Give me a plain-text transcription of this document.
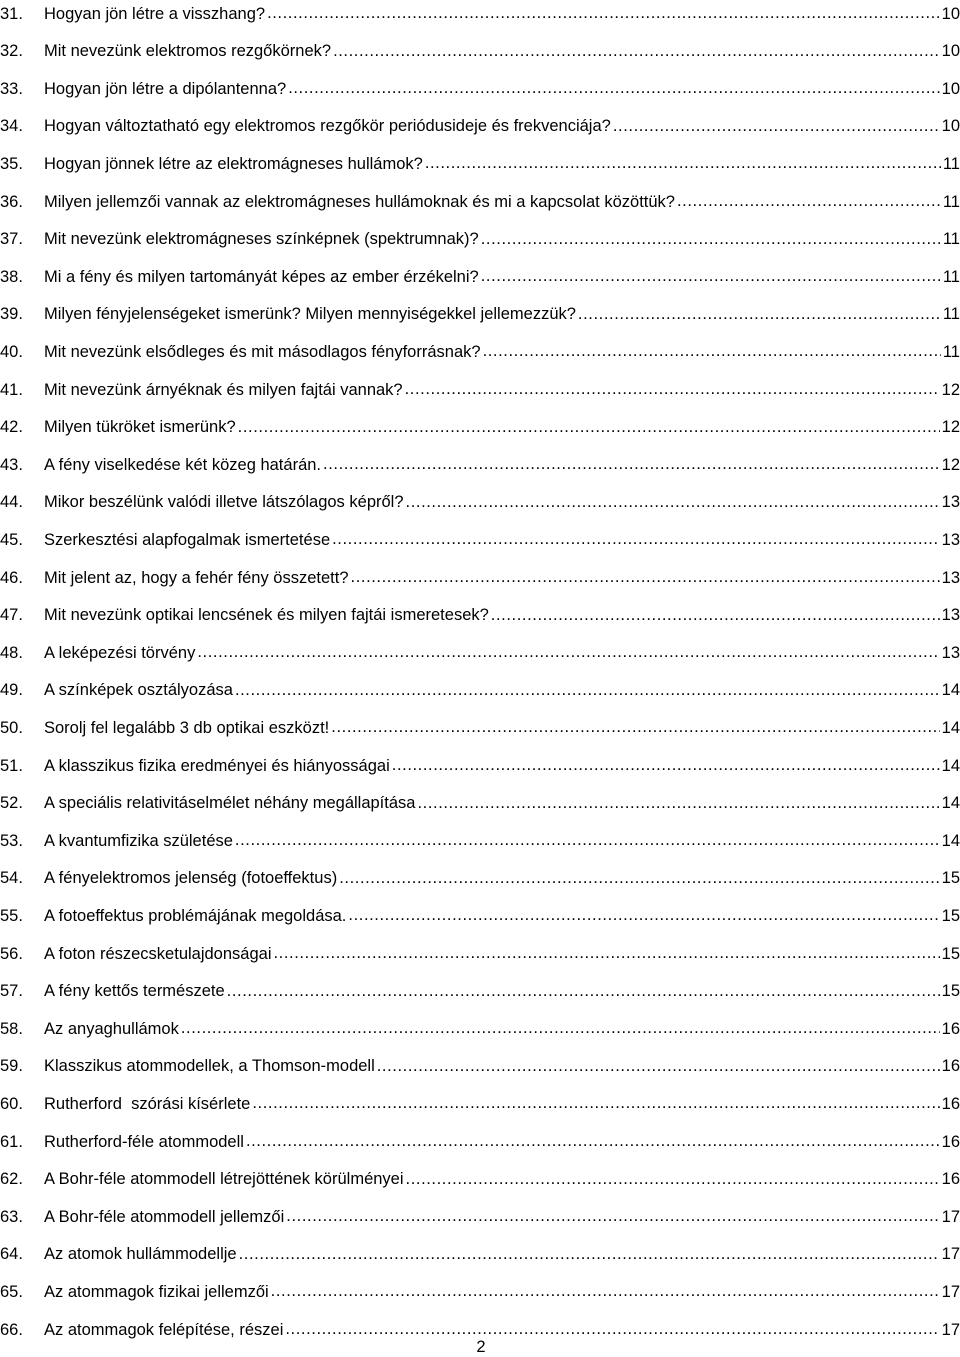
31.	Hogyan jön létre a visszhang? .....	10
32.	Mit nevezünk elektromos rezgőkörnek? .....	10
33.	Hogyan jön létre a dipólantenna? .....	10
34.	Hogyan változtatható egy elektromos rezgőkör periódusideje és frekvenciája? .....	10
35.	Hogyan jönnek létre az elektromágneses hullámok? .....	11
36.	Milyen jellemzői vannak az elektromágneses hullámoknak és mi a kapcsolat közöttük? .....	11
37.	Mit nevezünk elektromágneses színképnek (spektrumnak)? .....	11
38.	Mi a fény és milyen tartományát képes az ember érzékelni? .....	11
39.	Milyen fényjelenségeket ismerünk? Milyen mennyiségekkel jellemezzük? .....	11
40.	Mit nevezünk elsődleges és mit másodlagos fényforrásnak? .....	11
41.	Mit nevezünk árnyéknak és milyen fajtái vannak? .....	12
42.	Milyen tükröket ismerünk? .....	12
43.	A fény viselkedése két közeg határán. .....	12
44.	Mikor beszélünk valódi illetve látszólagos képről? .....	13
45.	Szerkesztési alapfogalmak ismertetése .....	13
46.	Mit jelent az, hogy a fehér fény összetett? .....	13
47.	Mit nevezünk optikai lencsének és milyen fajtái ismeretesek? .....	13
48.	A leképezési törvény .....	13
49.	A színképek osztályozása .....	14
50.	Sorolj fel legalább 3 db optikai eszközt! .....	14
51.	A klasszikus fizika eredményei és hiányosságai .....	14
52.	A speciális relativitáselmélet néhány megállapítása .....	14
53.	A kvantumfizika születése .....	14
54.	A fényelektromos jelenség (fotoeffektus) .....	15
55.	A fotoeffektus problémájának megoldása. .....	15
56.	A foton részecsketulajdonságai .....	15
57.	A fény kettős természete .....	15
58.	Az anyaghullámok .....	16
59.	Klasszikus atommodellek, a Thomson-modell .....	16
60.	Rutherford  szórási kísérlete .....	16
61.	Rutherford-féle atommodell .....	16
62.	A Bohr-féle atommodell létrejöttének körülményei .....	16
63.	A Bohr-féle atommodell jellemzői .....	17
64.	Az atomok hullámmodellje .....	17
65.	Az atommagok fizikai jellemzői .....	17
66.	Az atommagok felépítése, részei .....	17
2
